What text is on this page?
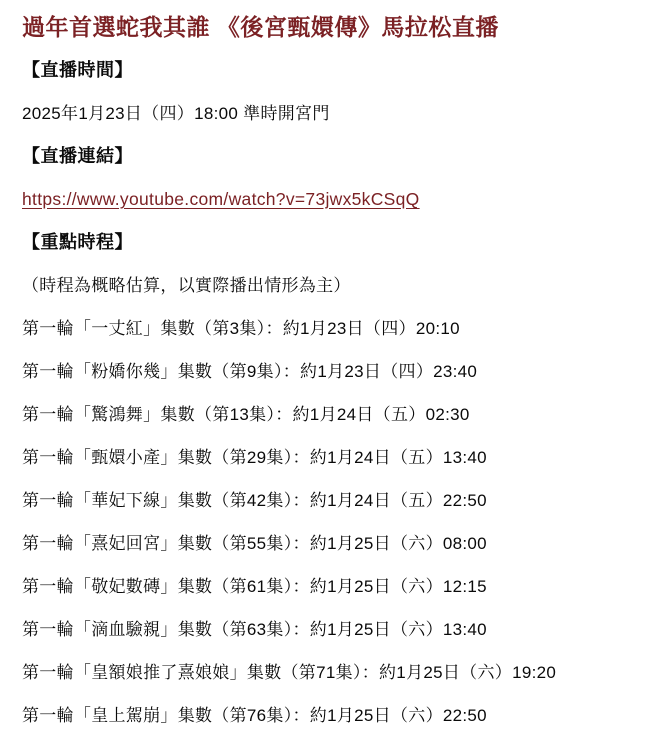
過年首選蛇我其誰 《後宮甄嬛傳》馬拉松直播
【直播時間】
2025年1月23日（四）18:00 準時開宮門
【直播連結】
https://www.youtube.com/watch?v=73jwx5kCSqQ
【重點時程】
（時程為概略估算，以實際播出情形為主）
第一輪「一丈紅」集數（第3集）：約1月23日（四）20:10
第一輪「粉嬌你幾」集數（第9集）：約1月23日（四）23:40
第一輪「驚鴻舞」集數（第13集）：約1月24日（五）02:30
第一輪「甄嬛小產」集數（第29集）：約1月24日（五）13:40
第一輪「華妃下線」集數（第42集）：約1月24日（五）22:50
第一輪「熹妃回宮」集數（第55集）：約1月25日（六）08:00
第一輪「敬妃數磚」集數（第61集）：約1月25日（六）12:15
第一輪「滴血驗親」集數（第63集）：約1月25日（六）13:40
第一輪「皇額娘推了熹娘娘」集數（第71集）：約1月25日（六）19:20
第一輪「皇上駕崩」集數（第76集）：約1月25日（六）22:50
